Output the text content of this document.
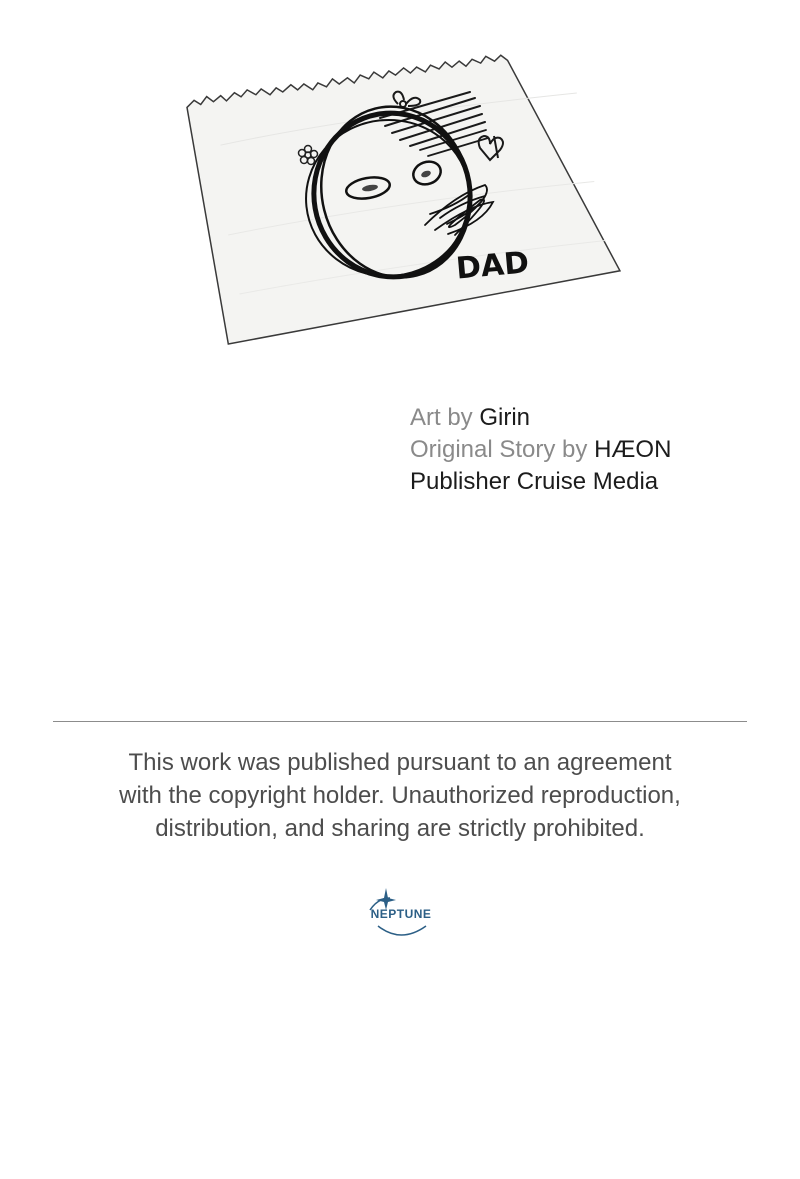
DAD
Art by Girin
Original Story by HÆON
Publisher Cruise Media
This work was published pursuant to an agreement
with the copyright holder. Unauthorized reproduction,
distribution, and sharing are strictly prohibited.
NEPTUNE
